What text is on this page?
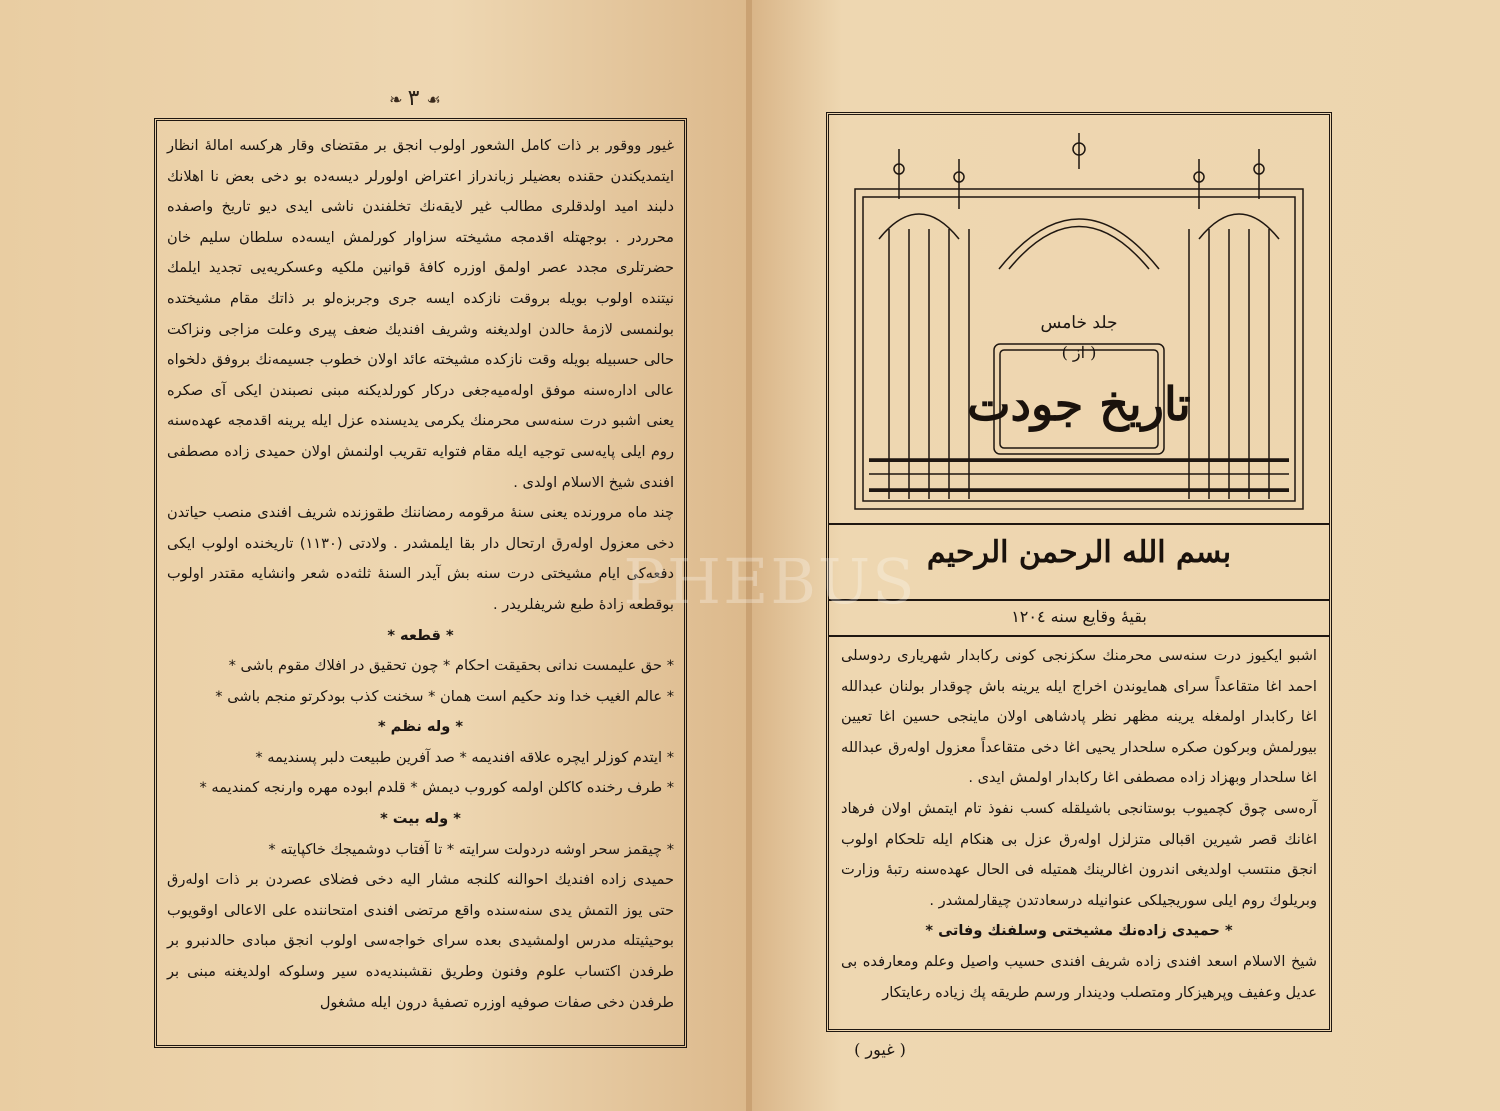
❧ ٣ ☙

غيور ووقور بر ذات كامل الشعور اولوب انجق بر مقتضاى وقار هركسه امالهٔ انظار ايتمديكندن حقنده بعضيلر زباندراز اعتراض اولورلر ديسه‌ده بو دخى بعض نا اهلانك دلبند اميد اولدقلرى مطالب غير لايقه‌نك تخلفندن ناشى ايدى ديو تاريخ واصفده محرردر . بوجهتله اقدمجه مشيخته سزاوار كورلمش ايسه‌ده سلطان سليم خان حضرتلرى مجدد عصر اولمق اوزره كافهٔ قوانين ملكيه وعسكريه‌يى تجديد ايلمك نيتنده اولوب بويله بروقت نازكده ايسه جرى وجربزه‌لو بر ذاتك مقام مشيختده بولنمسى لازمهٔ حالدن اولديغنه وشريف افنديك ضعف پيرى وعلت مزاجى ونزاكت حالى حسبيله بويله وقت نازكده مشيخته عائد اولان خطوب جسيمه‌نك بروفق دلخواه عالى اداره‌سنه موفق اوله‌ميه‌جغى دركار كورلديكنه مبنى نصبندن ايكى آى صكره يعنى اشبو درت سنه‌سى محرمنك يكرمى يديسنده عزل ايله يرينه اقدمجه عهده‌سنه روم ايلى پايه‌سى توجيه ايله مقام فتوايه تقريب اولنمش اولان حميدى زاده مصطفى افندى شيخ الاسلام اولدى .

چند ماه مرورنده يعنى سنهٔ مرقومه رمضاننك طقوزنده شريف افندى منصب حياتدن دخى معزول اوله‌رق ارتحال دار بقا ايلمشدر . ولادتى (١١٣٠) تاريخنده اولوب ايكى دفعه‌كى ايام مشيختى درت سنه بش آيدر السنهٔ ثلثه‌ده شعر وانشايه مقتدر اولوب بوقطعه زادهٔ طبع شريفلريدر .

* قطعه *

* حق عليمست ندانى بحقيقت احكام * چون تحقيق در افلاك مقوم باشى *

* عالم الغيب خدا وند حكيم است همان * سخنت كذب بودكرتو منجم باشى *

* وله نظم *

* ايتدم كوزلر ايچره علاقه افنديمه * صد آفرين طبيعت دلبر پسنديمه *

* طرف رخنده كاكلن اولمه كوروب ديمش * قلدم ابوده مهره وارنجه كمنديمه *

* وله بيت *

* چيقمز سحر اوشه دردولت سرايته * تا آفتاب دوشميجك خاكپايته *

حميدى زاده افنديك احوالنه كلنجه مشار اليه دخى فضلاى عصردن بر ذات اوله‌رق حتى يوز التمش يدى سنه‌سنده واقع مرتضى افندى امتحاننده على الاعالى اوقويوب بوحيثيتله مدرس اولمشيدى بعده سراى خواجه‌سى اولوب انجق مبادى حالدنبرو بر طرفدن اكتساب علوم وفنون وطريق نقشبنديه‌ده سير وسلوكه اولديغنه مبنى بر طرفدن دخى صفات صوفيه اوزره تصفيهٔ درون ايله مشغول

جلد خامس
( از )
تاريخ جودت
بسم الله الرحمن الرحيم
بقيهٔ وقايع سنه ١٢٠٤

اشبو ايكيوز درت سنه‌سى محرمنك سكزنجى كونى ركابدار شهريارى ردوسلى احمد اغا متقاعداً سراى همايوندن اخراج ايله يرينه باش چوقدار بولنان عبدالله اغا ركابدار اولمغله يرينه مظهر نظر پادشاهى اولان ماينجى حسين اغا تعيين بيورلمش وبركون صكره سلحدار يحيى اغا دخى متقاعداً معزول اوله‌رق عبدالله اغا سلحدار وبهزاد زاده مصطفى اغا ركابدار اولمش ايدى .

آره‌سى چوق كچميوب بوستانجى باشيلقله كسب نفوذ تام ايتمش اولان فرهاد اغانك قصر شيرين اقبالى متزلزل اوله‌رق عزل بى هنكام ايله تلحكام اولوب انجق منتسب اولديغى اندرون اغالرينك همتيله فى الحال عهده‌سنه رتبهٔ وزارت وبريلوك روم ايلى سوريجيلكى عنوانيله درسعادتدن چيقارلمشدر .

* حميدى زاده‌نك مشيختى وسلفنك وفاتى *

شيخ الاسلام اسعد افندى زاده شريف افندى حسيب واصيل وعلم ومعارفده بى عديل وعفيف وپرهيزكار ومتصلب وديندار ورسم طريقه پك زياده رعايتكار

( غيور )
PHEBUS
